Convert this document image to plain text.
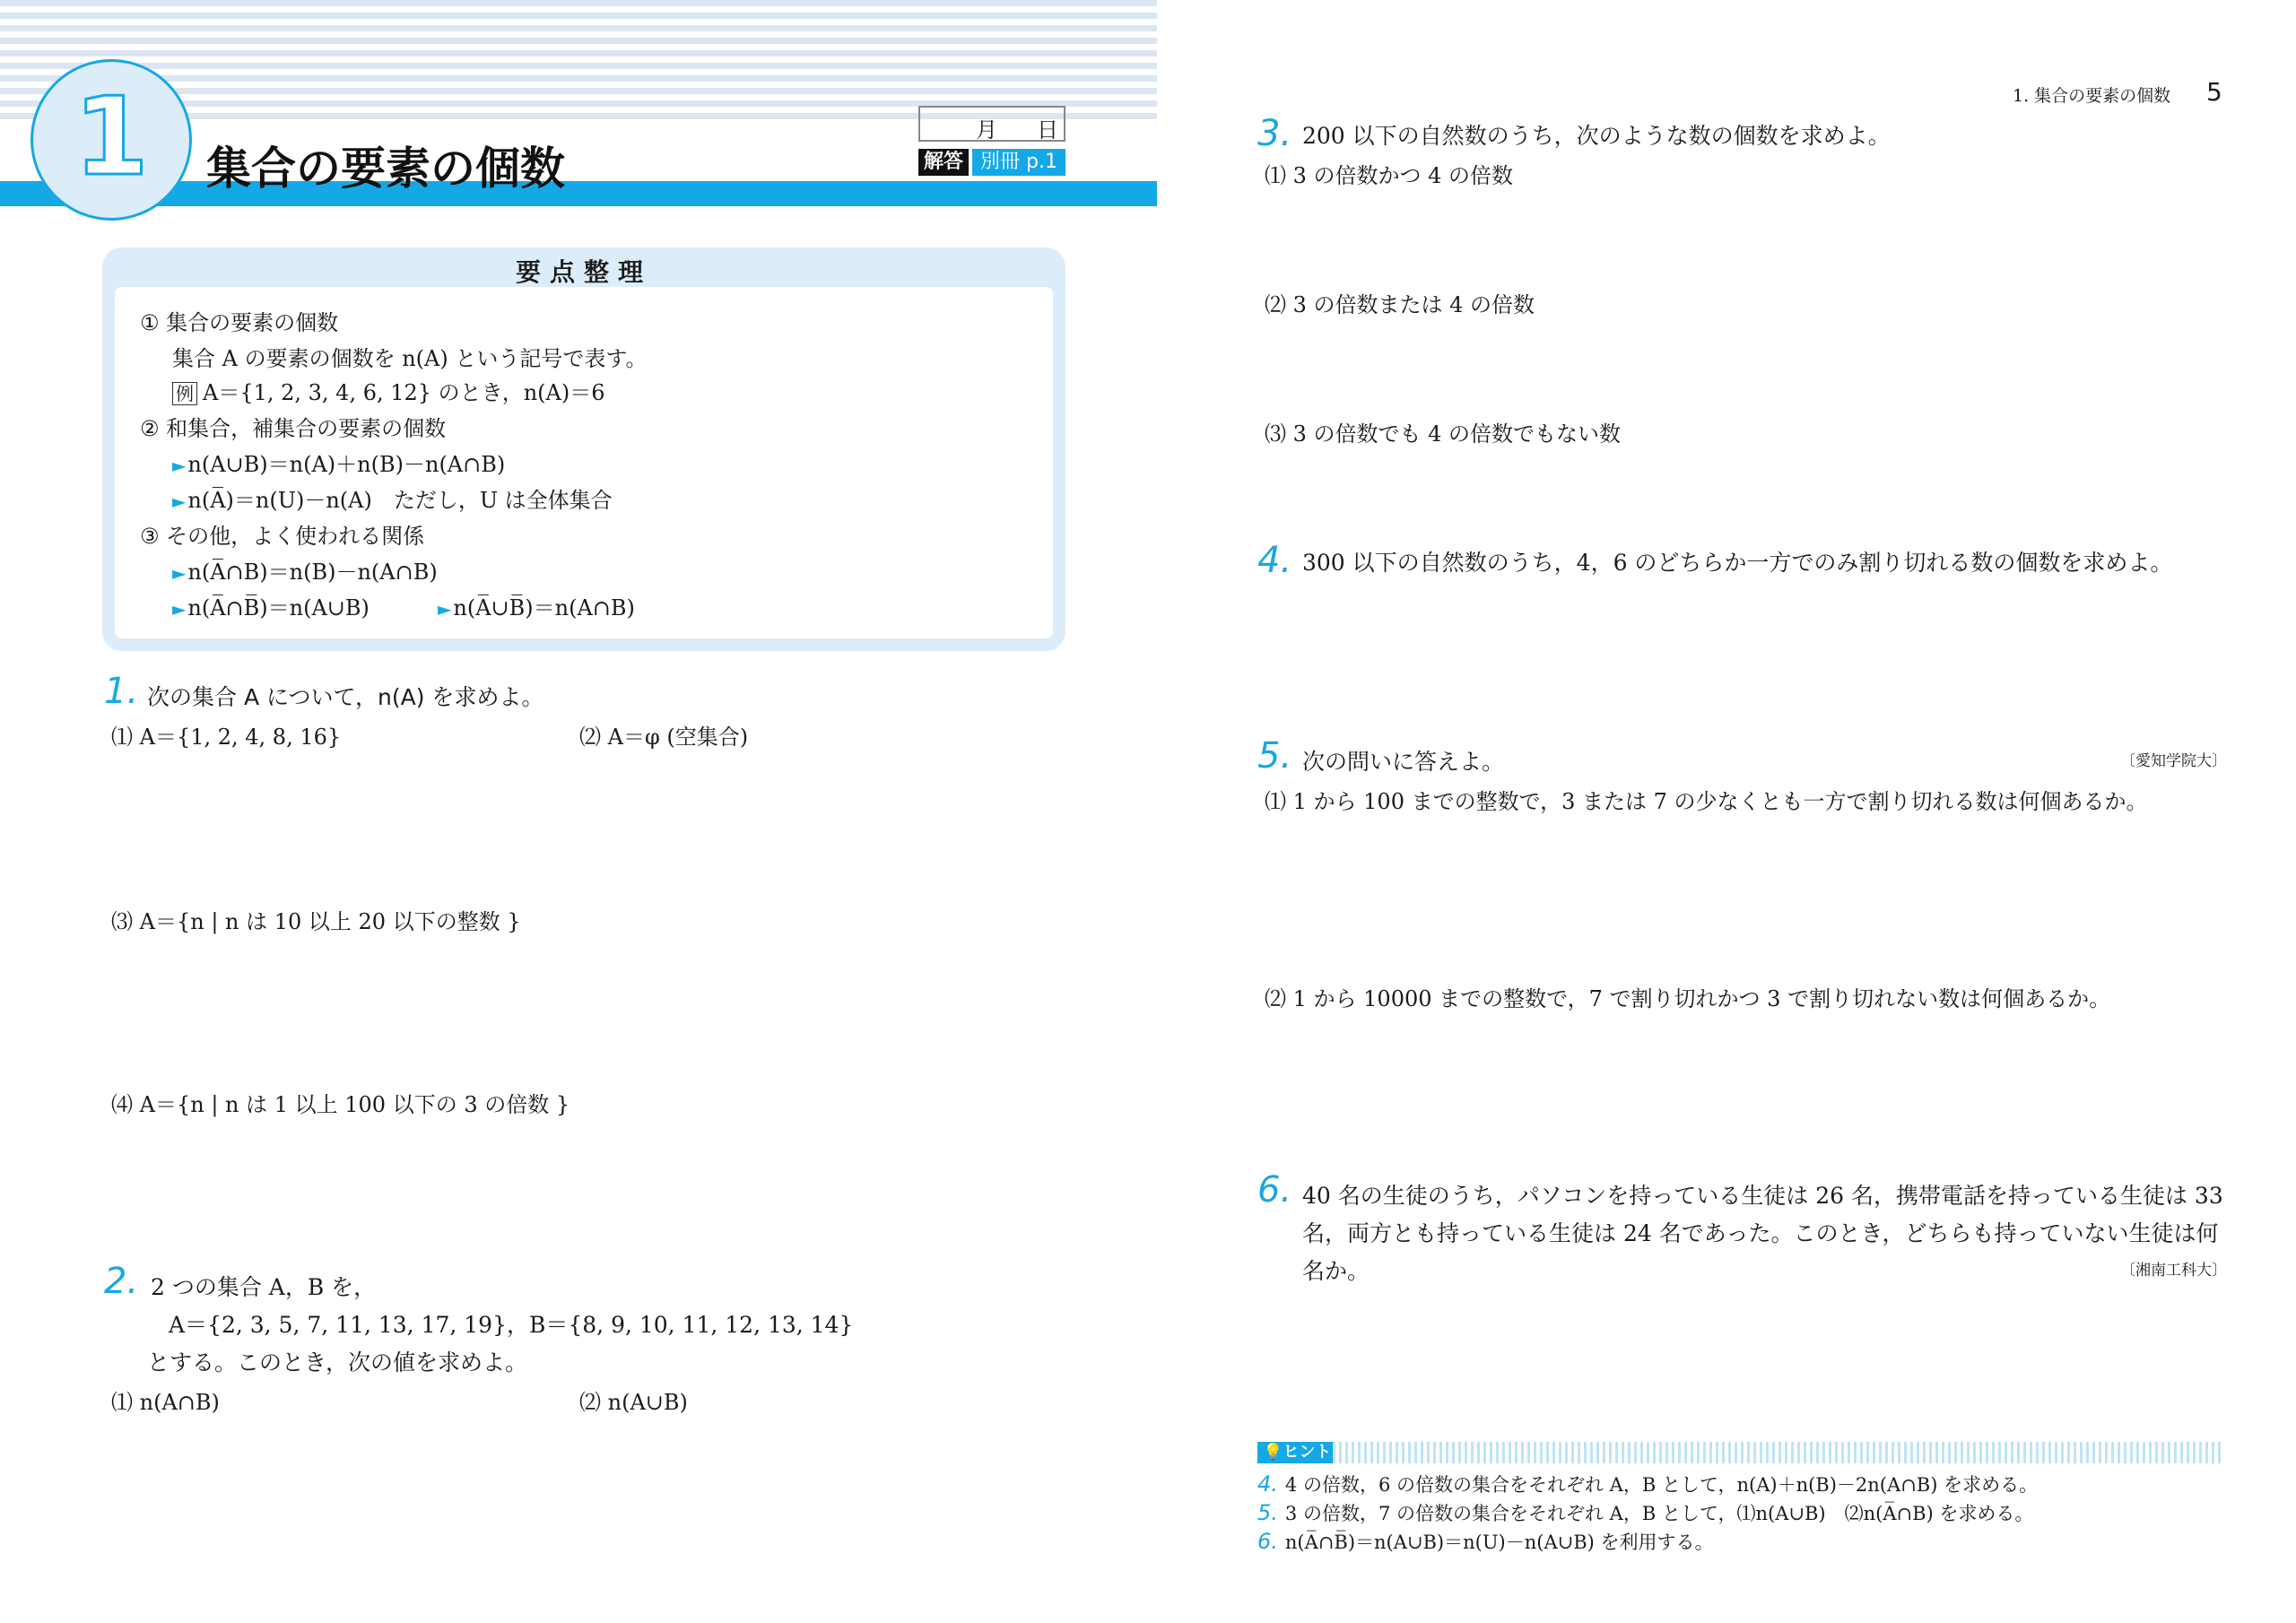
1	集合の要素の個数
月 日
解答 別冊 p.1
要点整理
① 集合の要素の個数
集合 A の要素の個数を n(A) という記号で表す。
例 A＝{1, 2, 3, 4, 6, 12} のとき，n(A)＝6
② 和集合，補集合の要素の個数
►n(A∪B)＝n(A)＋n(B)－n(A∩B)
►n(A̅)＝n(U)－n(A)　ただし，U は全体集合
③ その他，よく使われる関係
►n(A̅∩B)＝n(B)－n(A∩B)
►n(A̅∩B̅)＝n(A∪B)	►n(A̅∪B̅)＝n(A∩B)
1. 次の集合 A について，n(A) を求めよ。
⑴ A＝{1, 2, 4, 8, 16}	⑵ A＝φ (空集合)
⑶ A＝{n | n は 10 以上 20 以下の整数 }
⑷ A＝{n | n は 1 以上 100 以下の 3 の倍数 }
2. 2 つの集合 A，B を，
A＝{2, 3, 5, 7, 11, 13, 17, 19}，B＝{8, 9, 10, 11, 12, 13, 14}
とする。このとき，次の値を求めよ。
⑴ n(A∩B)	⑵ n(A∪B)
1. 集合の要素の個数 5
3. 200 以下の自然数のうち，次のような数の個数を求めよ。
⑴ 3 の倍数かつ 4 の倍数
⑵ 3 の倍数または 4 の倍数
⑶ 3 の倍数でも 4 の倍数でもない数
4. 300 以下の自然数のうち，4，6 のどちらか一方でのみ割り切れる数の個数を求めよ。
5. 次の問いに答えよ。	〔愛知学院大〕
⑴ 1 から 100 までの整数で，3 または 7 の少なくとも一方で割り切れる数は何個あるか。
⑵ 1 から 10000 までの整数で，7 で割り切れかつ 3 で割り切れない数は何個あるか。
6. 40 名の生徒のうち，パソコンを持っている生徒は 26 名，携帯電話を持っている生徒は 33
名，両方とも持っている生徒は 24 名であった。このとき，どちらも持っていない生徒は何
名か。	〔湘南工科大〕
💡ヒント
4. 4 の倍数，6 の倍数の集合をそれぞれ A，B として，n(A)＋n(B)－2n(A∩B) を求める。
5. 3 の倍数，7 の倍数の集合をそれぞれ A，B として，⑴n(A∪B)　⑵n(A̅∩B) を求める。
6. n(A̅∩B̅)＝n(A∪B)＝n(U)－n(A∪B) を利用する。
